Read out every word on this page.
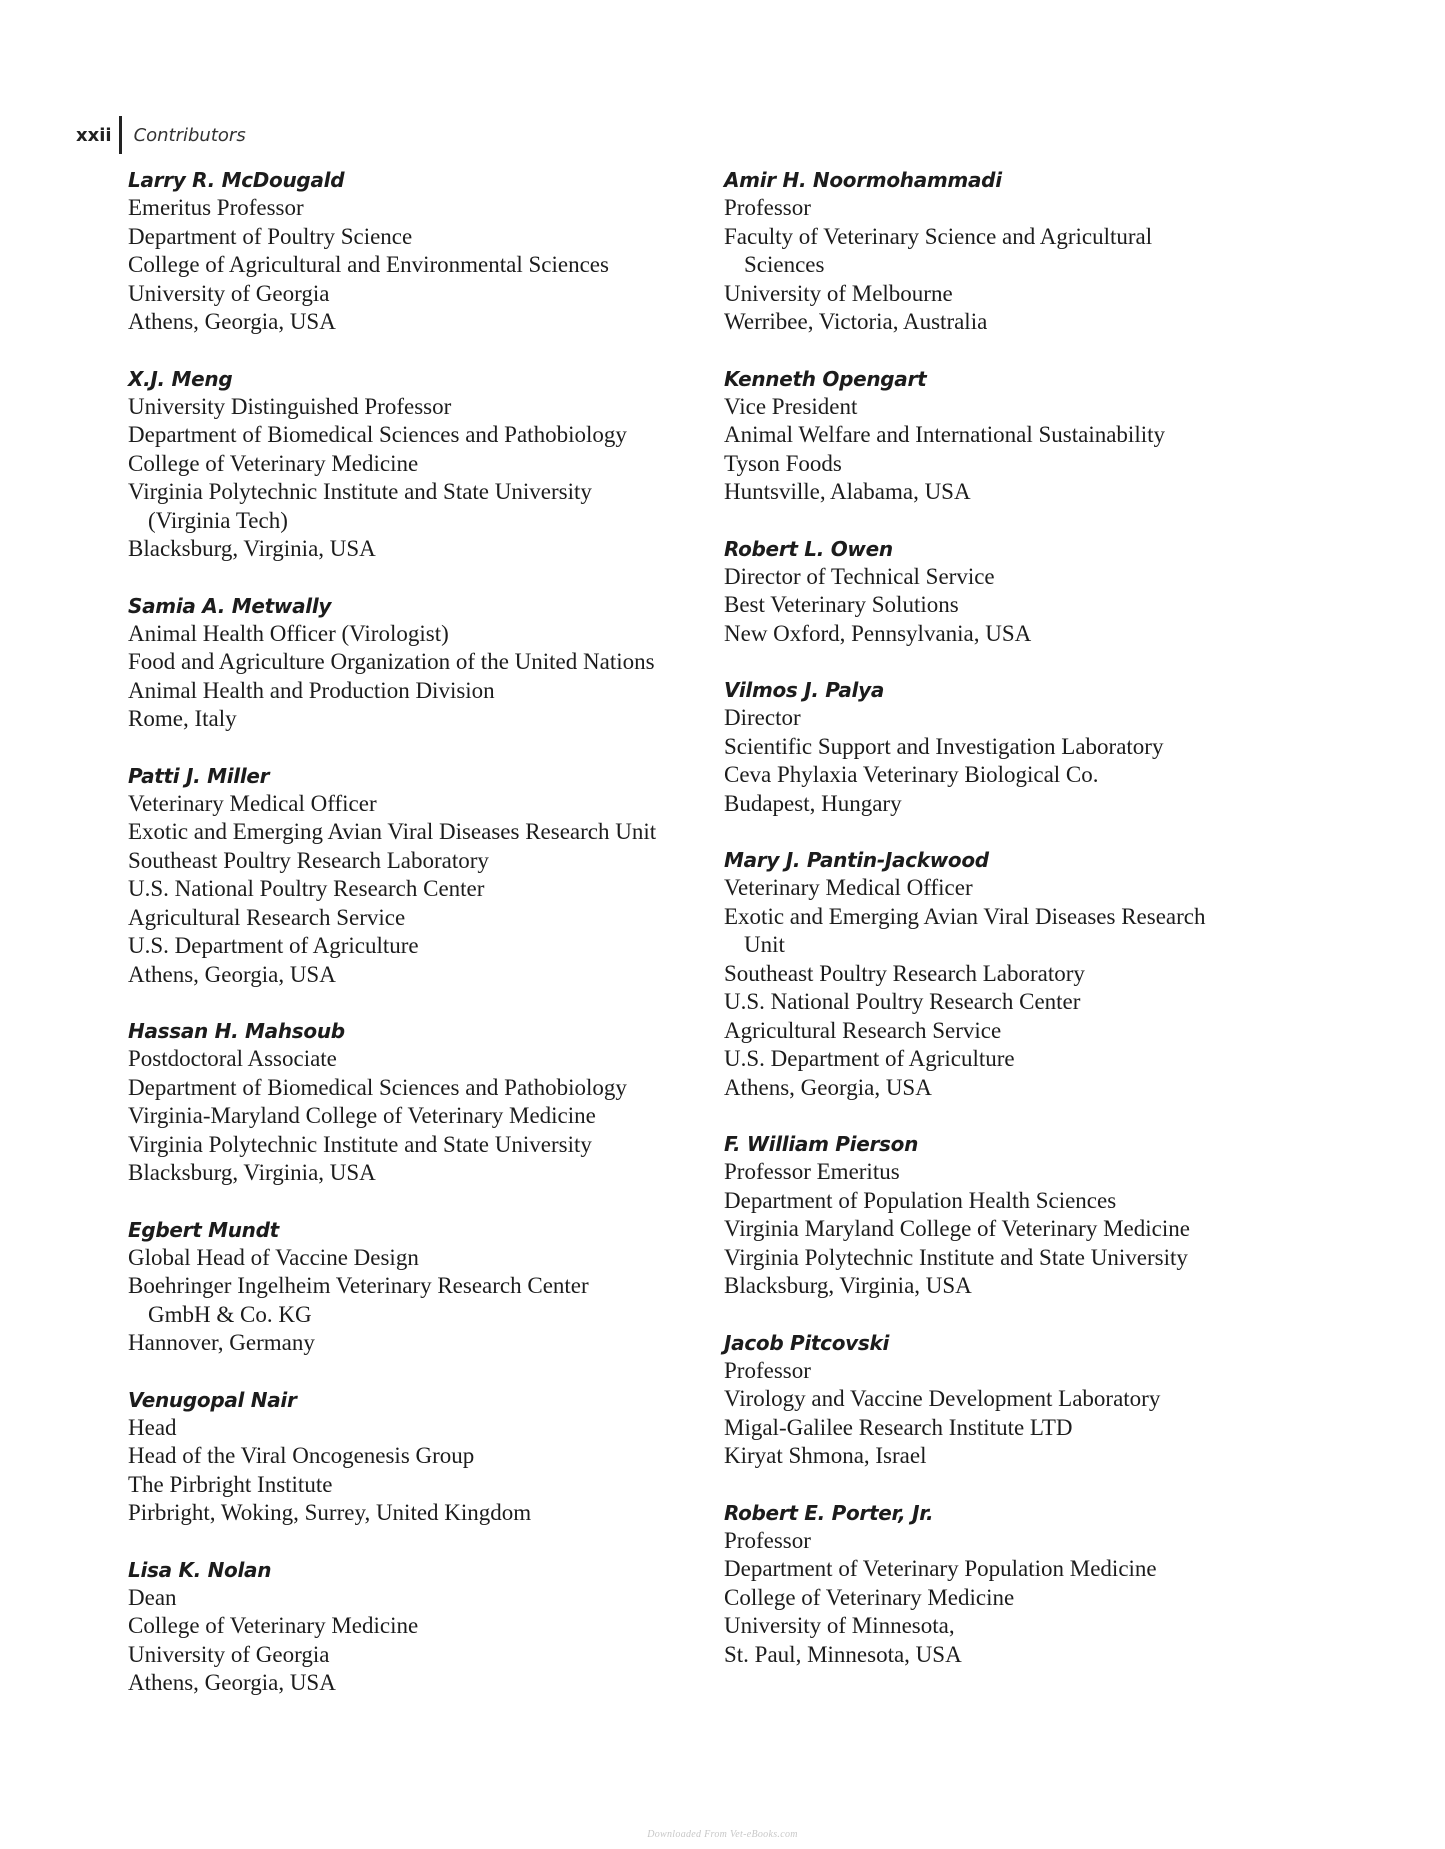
xxii Contributors
Larry R. McDougald
Emeritus Professor
Department of Poultry Science
College of Agricultural and Environmental Sciences
University of Georgia
Athens, Georgia, USA
X.J. Meng
University Distinguished Professor
Department of Biomedical Sciences and Pathobiology
College of Veterinary Medicine
Virginia Polytechnic Institute and State University
(Virginia Tech)
Blacksburg, Virginia, USA
Samia A. Metwally
Animal Health Officer (Virologist)
Food and Agriculture Organization of the United Nations
Animal Health and Production Division
Rome, Italy
Patti J. Miller
Veterinary Medical Officer
Exotic and Emerging Avian Viral Diseases Research Unit
Southeast Poultry Research Laboratory
U.S. National Poultry Research Center
Agricultural Research Service
U.S. Department of Agriculture
Athens, Georgia, USA
Hassan H. Mahsoub
Postdoctoral Associate
Department of Biomedical Sciences and Pathobiology
Virginia-Maryland College of Veterinary Medicine
Virginia Polytechnic Institute and State University
Blacksburg, Virginia, USA
Egbert Mundt
Global Head of Vaccine Design
Boehringer Ingelheim Veterinary Research Center
GmbH & Co. KG
Hannover, Germany
Venugopal Nair
Head
Head of the Viral Oncogenesis Group
The Pirbright Institute
Pirbright, Woking, Surrey, United Kingdom
Lisa K. Nolan
Dean
College of Veterinary Medicine
University of Georgia
Athens, Georgia, USA
Amir H. Noormohammadi
Professor
Faculty of Veterinary Science and Agricultural
Sciences
University of Melbourne
Werribee, Victoria, Australia
Kenneth Opengart
Vice President
Animal Welfare and International Sustainability
Tyson Foods
Huntsville, Alabama, USA
Robert L. Owen
Director of Technical Service
Best Veterinary Solutions
New Oxford, Pennsylvania, USA
Vilmos J. Palya
Director
Scientific Support and Investigation Laboratory
Ceva Phylaxia Veterinary Biological Co.
Budapest, Hungary
Mary J. Pantin-Jackwood
Veterinary Medical Officer
Exotic and Emerging Avian Viral Diseases Research
Unit
Southeast Poultry Research Laboratory
U.S. National Poultry Research Center
Agricultural Research Service
U.S. Department of Agriculture
Athens, Georgia, USA
F. William Pierson
Professor Emeritus
Department of Population Health Sciences
Virginia Maryland College of Veterinary Medicine
Virginia Polytechnic Institute and State University
Blacksburg, Virginia, USA
Jacob Pitcovski
Professor
Virology and Vaccine Development Laboratory
Migal-Galilee Research Institute LTD
Kiryat Shmona, Israel
Robert E. Porter, Jr.
Professor
Department of Veterinary Population Medicine
College of Veterinary Medicine
University of Minnesota,
St. Paul, Minnesota, USA
Downloaded From Vet-eBooks.com
